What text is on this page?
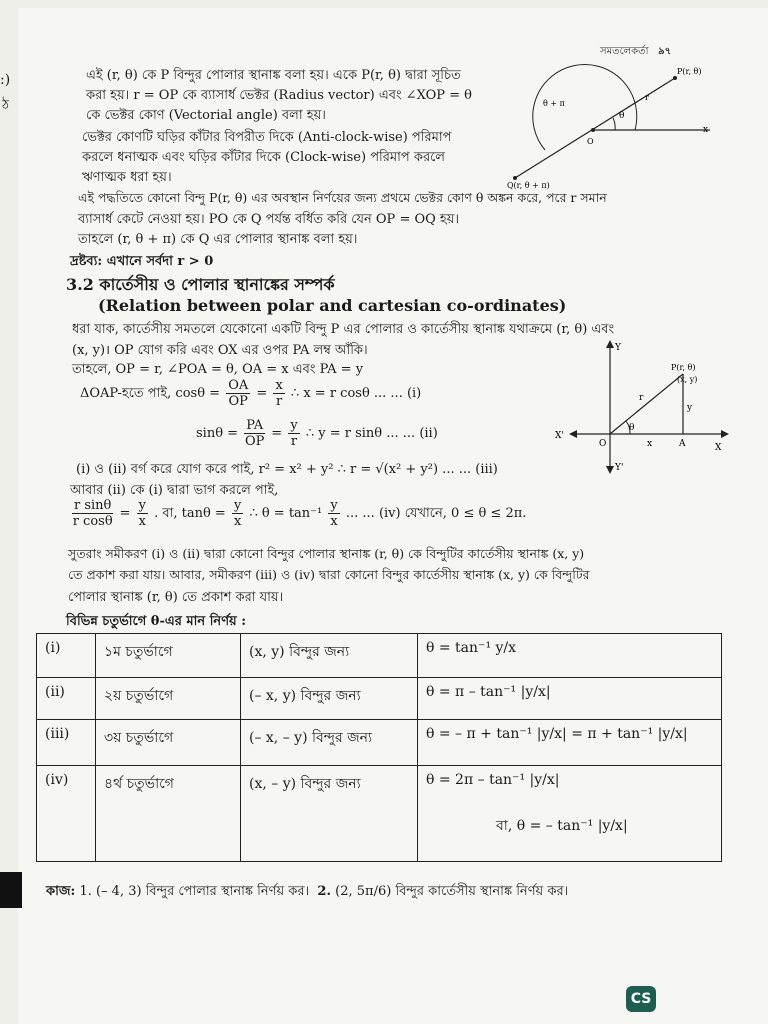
সমতলেকর্তা ৯৭
:)
ঠ
এই (r, θ) কে P বিন্দুর পোলার স্থানাঙ্ক বলা হয়। একে P(r, θ) দ্বারা সূচিত
করা হয়। r = OP কে ব্যাসার্ধ ভেক্টর (Radius vector) এবং ∠XOP = θ
কে ভেক্টর কোণ (Vectorial angle) বলা হয়।
ভেক্টর কোণটি ঘড়ির কাঁটার বিপরীত দিকে (Anti-clock-wise) পরিমাপ
করলে ধনাত্মক এবং ঘড়ির কাঁটার দিকে (Clock-wise) পরিমাপ করলে
ঋণাত্মক ধরা হয়।
এই পদ্ধতিতে কোনো বিন্দু P(r, θ) এর অবস্থান নির্ণয়ের জন্য প্রথমে ভেক্টর কোণ θ অঙ্কন করে, পরে r সমান
ব্যাসার্ধ কেটে নেওয়া হয়। PO কে Q পর্যন্ত বর্ধিত করি যেন OP = OQ হয়।
তাহলে (r, θ + π) কে Q এর পোলার স্থানাঙ্ক বলা হয়।
দ্রষ্টব্য: এখানে সর্বদা r > 0
P(r, θ)
Q(r, θ + π)
θ + π
θ
x
O
r
3.2 কার্তেসীয় ও পোলার স্থানাঙ্কের সম্পর্ক
(Relation between polar and cartesian co-ordinates)
ধরা যাক, কার্তেসীয় সমতলে যেকোনো একটি বিন্দু P এর পোলার ও কার্তেসীয় স্থানাঙ্ক যথাক্রমে (r, θ) এবং
(x, y)। OP যোগ করি এবং OX এর ওপর PA লম্ব আঁকি।
তাহলে, OP = r, ∠POA = θ, OA = x এবং PA = y
ΔOAP-হতে পাই, $\cos\theta = \frac{OA}{OP} = \frac{x}{r}$ ∴ x = r cosθ ... ... (i)
$\sin\theta = \frac{PA}{OP} = \frac{y}{r}$ ∴ y = r sinθ ... ... (ii)
(i) ও (ii) বর্গ করে যোগ করে পাই, r² = x² + y² ∴ r = √(x² + y²) ... ... (iii)
আবার (ii) কে (i) দ্বারা ভাগ করলে পাই,
$\frac{\text{r sinθ}}{\text{r cosθ}} = \frac{y}{x}$ . বা, $\tan\theta = \frac{y}{x}$ ∴ $\theta = \tan^{-1} \frac{y}{x}$ ... ... (iv) যেখানে, 0 ≤ θ ≤ 2π.
সুতরাং সমীকরণ (i) ও (ii) দ্বারা কোনো বিন্দুর পোলার স্থানাঙ্ক (r, θ) কে বিন্দুটির কার্তেসীয় স্থানাঙ্ক (x, y)
তে প্রকাশ করা যায়। আবার, সমীকরণ (iii) ও (iv) দ্বারা কোনো বিন্দুর কার্তেসীয় স্থানাঙ্ক (x, y) কে বিন্দুটির
পোলার স্থানাঙ্ক (r, θ) তে প্রকাশ করা যায়।
বিভিন্ন চতুর্ভাগে θ-এর মান নির্ণয় :
Y
Y'
X
X'
O
P(r, θ)
(x, y)
r
θ
x
y
A
(i)	১ম চতুর্ভাগে	(x, y) বিন্দুর জন্য	θ = tan⁻¹ y/x
(ii)	২য় চতুর্ভাগে	(– x, y) বিন্দুর জন্য	θ = π – tan⁻¹ |y/x|
(iii)	৩য় চতুর্ভাগে	(– x, – y) বিন্দুর জন্য	θ = – π + tan⁻¹ |y/x| = π + tan⁻¹ |y/x|
(iv)	৪র্থ চতুর্ভাগে	(x, – y) বিন্দুর জন্য	θ = 2π – tan⁻¹ |y/x|
বা, θ = – tan⁻¹ |y/x|
কাজ: 1. (– 4, 3) বিন্দুর পোলার স্থানাঙ্ক নির্ণয় কর। 2. (2, 5π/6) বিন্দুর কার্তেসীয় স্থানাঙ্ক নির্ণয় কর।
CS
